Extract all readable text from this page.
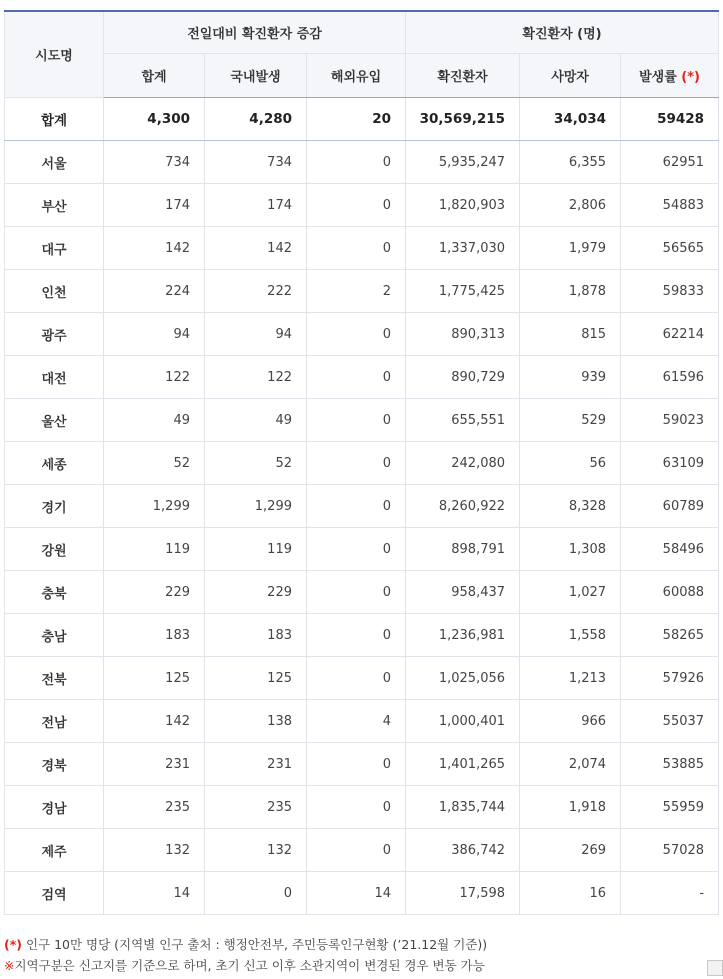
시도명	전일대비 확진환자 증감			확진환자 (명)		
	합계	국내발생	해외유입	확진환자	사망자	발생률 (*)
합계	4,300	4,280	20	30,569,215	34,034	59428
서울	734	734	0	5,935,247	6,355	62951
부산	174	174	0	1,820,903	2,806	54883
대구	142	142	0	1,337,030	1,979	56565
인천	224	222	2	1,775,425	1,878	59833
광주	94	94	0	890,313	815	62214
대전	122	122	0	890,729	939	61596
울산	49	49	0	655,551	529	59023
세종	52	52	0	242,080	56	63109
경기	1,299	1,299	0	8,260,922	8,328	60789
강원	119	119	0	898,791	1,308	58496
충북	229	229	0	958,437	1,027	60088
충남	183	183	0	1,236,981	1,558	58265
전북	125	125	0	1,025,056	1,213	57926
전남	142	138	4	1,000,401	966	55037
경북	231	231	0	1,401,265	2,074	53885
경남	235	235	0	1,835,744	1,918	55959
제주	132	132	0	386,742	269	57028
검역	14	0	14	17,598	16	-
(*) 인구 10만 명당 (지역별 인구 출처 : 행정안전부, 주민등록인구현황 (’21.12월 기준))
※지역구분은 신고지를 기준으로 하며, 초기 신고 이후 소관지역이 변경된 경우 변동 가능
